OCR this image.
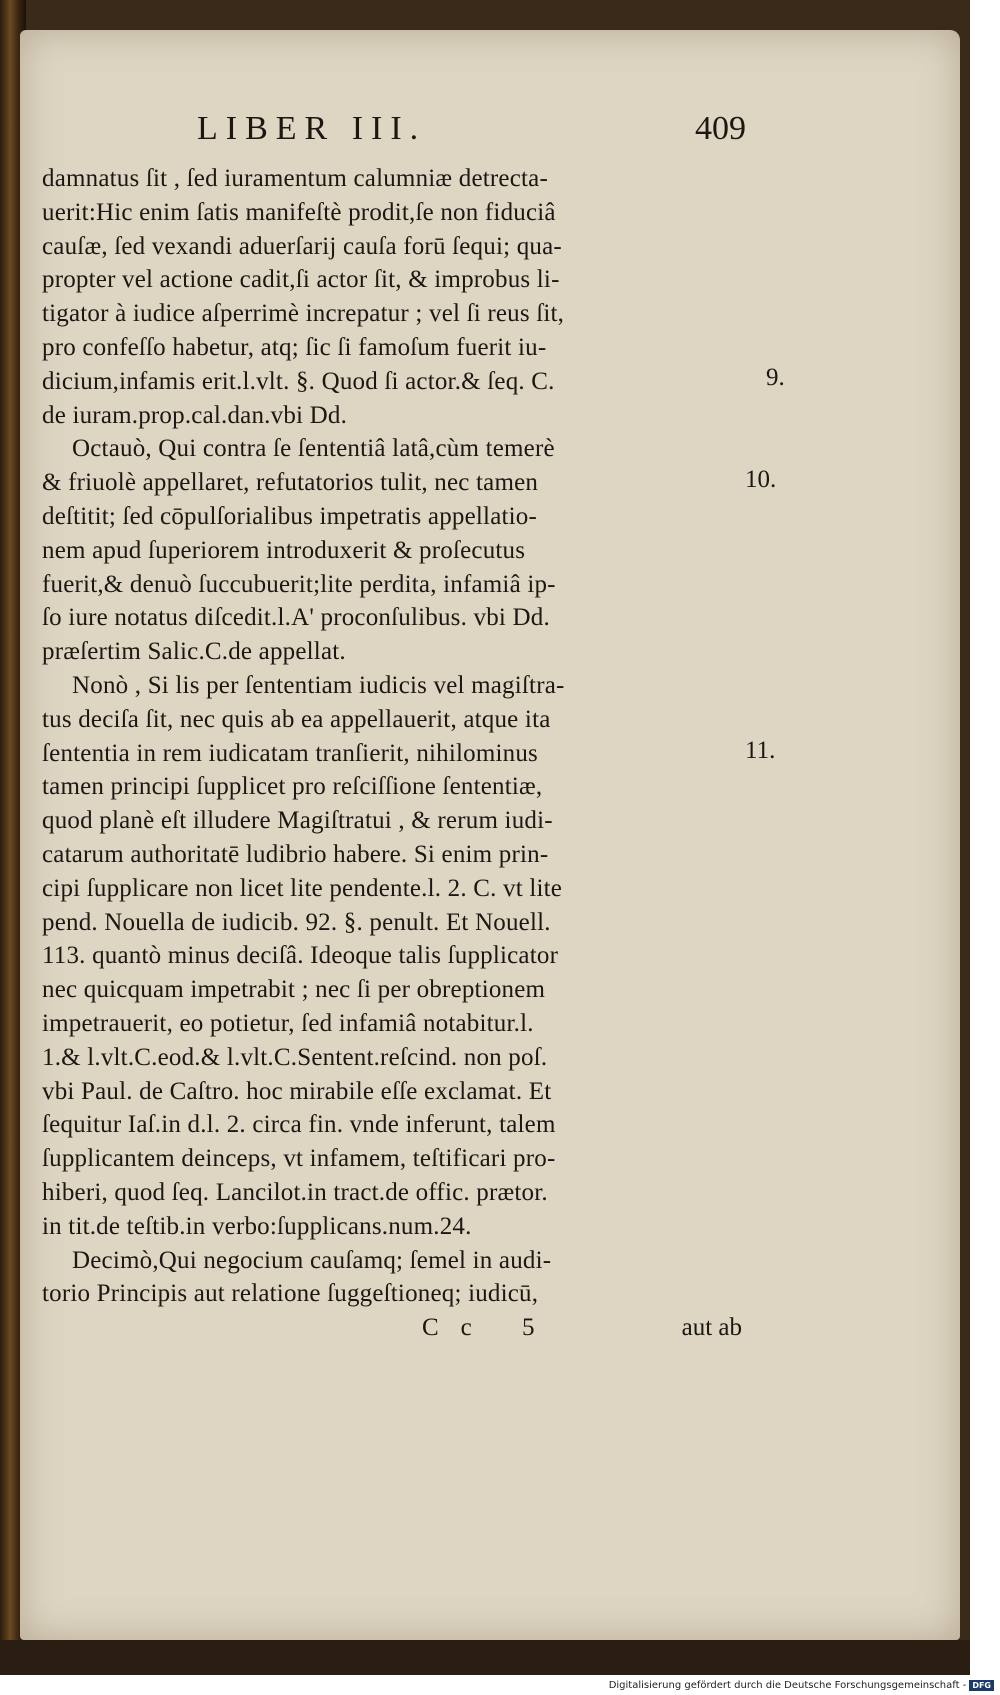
LIBER III.	409
damnatus ſit , ſed iuramentum calumniæ detrecta-
uerit:Hic enim ſatis manifeſtè prodit,ſe non fiduciâ
cauſæ, ſed vexandi aduerſarij cauſa forū ſequi; qua-
propter vel actione cadit,ſi actor ſit, & improbus li-
tigator à iudice aſperrimè increpatur ; vel ſi reus ſit,
pro confeſſo habetur, atq; ſic ſi famoſum fuerit iu-
dicium,infamis erit.l.vlt. §. Quod ſi actor.& ſeq. C.
de iuram.prop.cal.dan.vbi Dd.
Octauò, Qui contra ſe ſententiâ latâ,cùm temerè
& friuolè appellaret, refutatorios tulit, nec tamen
deſtitit; ſed cōpulſorialibus impetratis appellatio-
nem apud ſuperiorem introduxerit & proſecutus
fuerit,& denuò ſuccubuerit;lite perdita, infamiâ ip-
ſo iure notatus diſcedit.l.A' proconſulibus. vbi Dd.
præſertim Salic.C.de appellat.
Nonò , Si lis per ſententiam iudicis vel magiſtra-
tus deciſa ſit, nec quis ab ea appellauerit, atque ita
ſententia in rem iudicatam tranſierit, nihilominus
tamen principi ſupplicet pro reſciſſione ſententiæ,
quod planè eſt illudere Magiſtratui , & rerum iudi-
catarum authoritatē ludibrio habere. Si enim prin-
cipi ſupplicare non licet lite pendente.l. 2. C. vt lite
pend. Nouella de iudicib. 92. §. penult. Et Nouell.
113. quantò minus deciſâ. Ideoque talis ſupplicator
nec quicquam impetrabit ; nec ſi per obreptionem
impetrauerit, eo potietur, ſed infamiâ notabitur.l.
1.& l.vlt.C.eod.& l.vlt.C.Sentent.reſcind. non poſ.
vbi Paul. de Caſtro. hoc mirabile eſſe exclamat. Et
ſequitur Iaſ.in d.l. 2. circa fin. vnde inferunt, talem
ſupplicantem deinceps, vt infamem, teſtificari pro-
hiberi, quod ſeq. Lancilot.in tract.de offic. prætor.
in tit.de teſtib.in verbo:ſupplicans.num.24.
Decimò,Qui negocium cauſamq; ſemel in audi-
torio Principis aut relatione ſuggeſtioneq; iudicū,
Cc 5	aut ab
9.
10.
11.
Digitalisierung gefördert durch die Deutsche Forschungsgemeinschaft - DFG
